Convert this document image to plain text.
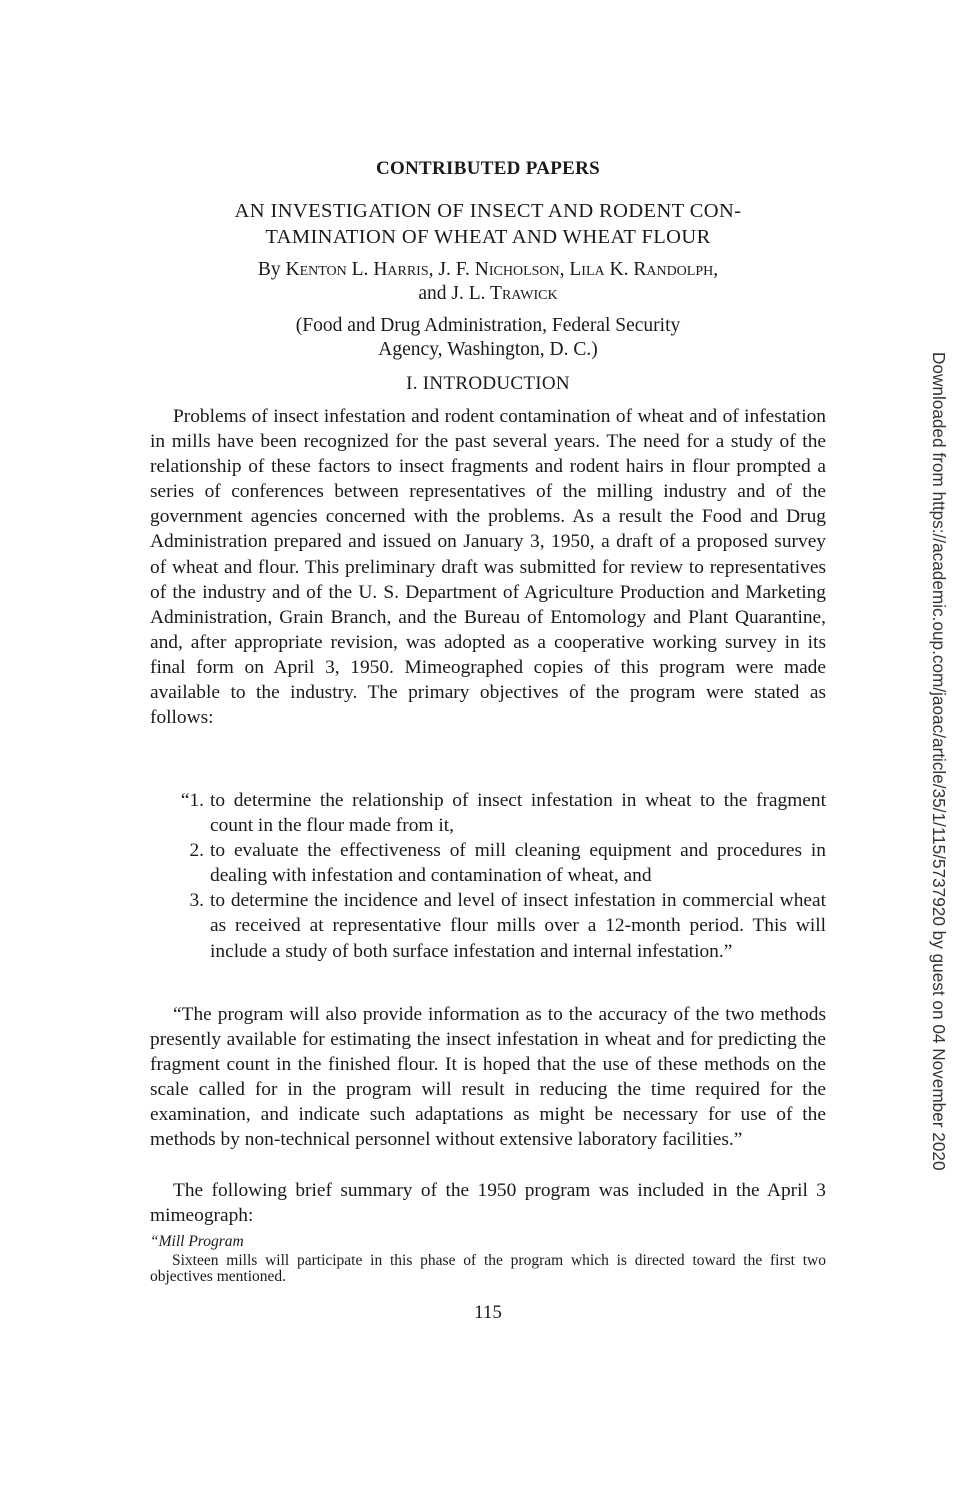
CONTRIBUTED PAPERS
AN INVESTIGATION OF INSECT AND RODENT CON-
TAMINATION OF WHEAT AND WHEAT FLOUR
By Kenton L. Harris, J. F. Nicholson, Lila K. Randolph,
and J. L. Trawick
(Food and Drug Administration, Federal Security
Agency, Washington, D. C.)
I. INTRODUCTION

Problems of insect infestation and rodent contamination of wheat and of infestation in mills have been recognized for the past several years. The need for a study of the relationship of these factors to insect fragments and rodent hairs in flour prompted a series of conferences between representatives of the milling industry and of the government agencies concerned with the problems. As a result the Food and Drug Administration prepared and issued on January 3, 1950, a draft of a proposed survey of wheat and flour. This preliminary draft was submitted for review to representatives of the industry and of the U. S. Department of Agriculture Production and Marketing Administration, Grain Branch, and the Bureau of Entomology and Plant Quarantine, and, after appropriate revision, was adopted as a cooperative working survey in its final form on April 3, 1950. Mimeographed copies of this program were made available to the industry. The primary objectives of the program were stated as follows:

“1. to determine the relationship of insect infestation in wheat to the fragment count in the flour made from it,

2. to evaluate the effectiveness of mill cleaning equipment and procedures in dealing with infestation and contamination of wheat, and

3. to determine the incidence and level of insect infestation in commercial wheat as received at representative flour mills over a 12-month period. This will include a study of both surface infestation and internal infestation.”

“The program will also provide information as to the accuracy of the two methods presently available for estimating the insect infestation in wheat and for predicting the fragment count in the finished flour. It is hoped that the use of these methods on the scale called for in the program will result in reducing the time required for the examination, and indicate such adaptations as might be necessary for use of the methods by non-technical personnel without extensive laboratory facilities.”

The following brief summary of the 1950 program was included in the April 3 mimeograph:

“Mill Program

Sixteen mills will participate in this phase of the program which is directed toward the first two objectives mentioned.

115
Downloaded from https://academic.oup.com/jaoac/article/35/1/115/5737920 by guest on 04 November 2020
